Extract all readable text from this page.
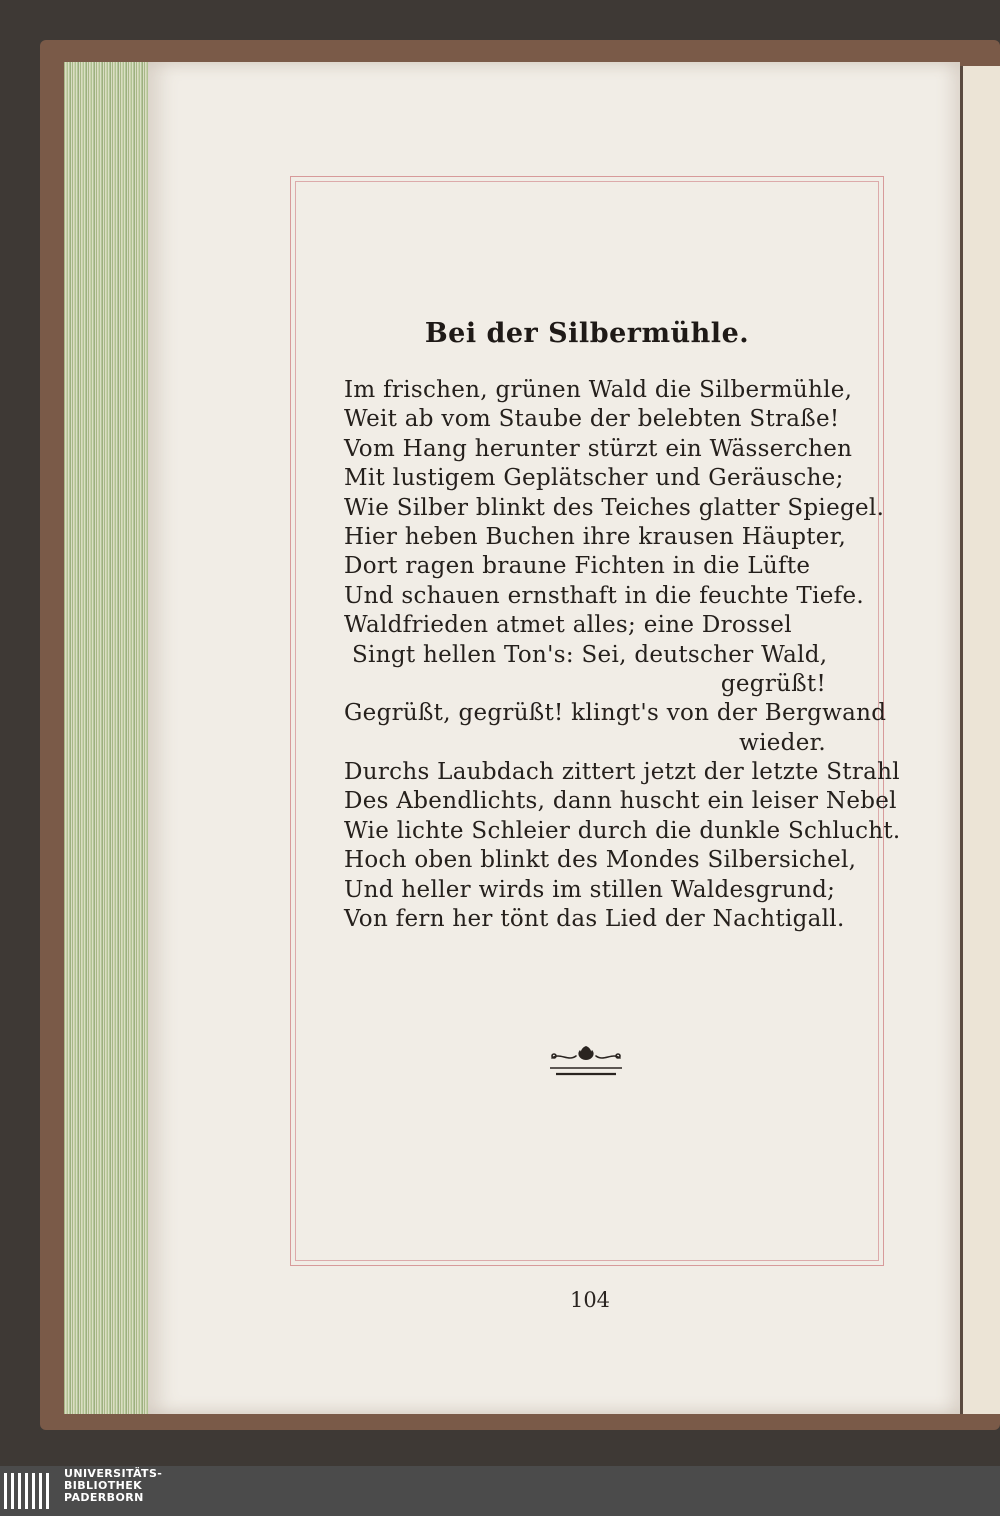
Bei der Silbermühle.
Im frischen, grünen Wald die Silbermühle,
Weit ab vom Staube der belebten Straße!
Vom Hang herunter stürzt ein Wässerchen
Mit lustigem Geplätscher und Geräusche;
Wie Silber blinkt des Teiches glatter Spiegel.
Hier heben Buchen ihre krausen Häupter,
Dort ragen braune Fichten in die Lüfte
Und schauen ernsthaft in die feuchte Tiefe.
Waldfrieden atmet alles; eine Drossel
Singt hellen Ton's: Sei, deutscher Wald,
gegrüßt!
Gegrüßt, gegrüßt! klingt's von der Bergwand
wieder.
Durchs Laubdach zittert jetzt der letzte Strahl
Des Abendlichts, dann huscht ein leiser Nebel
Wie lichte Schleier durch die dunkle Schlucht.
Hoch oben blinkt des Mondes Silbersichel,
Und heller wirds im stillen Waldesgrund;
Von fern her tönt das Lied der Nachtigall.
104
UNIVERSITÄTS-
BIBLIOTHEK
PADERBORN
